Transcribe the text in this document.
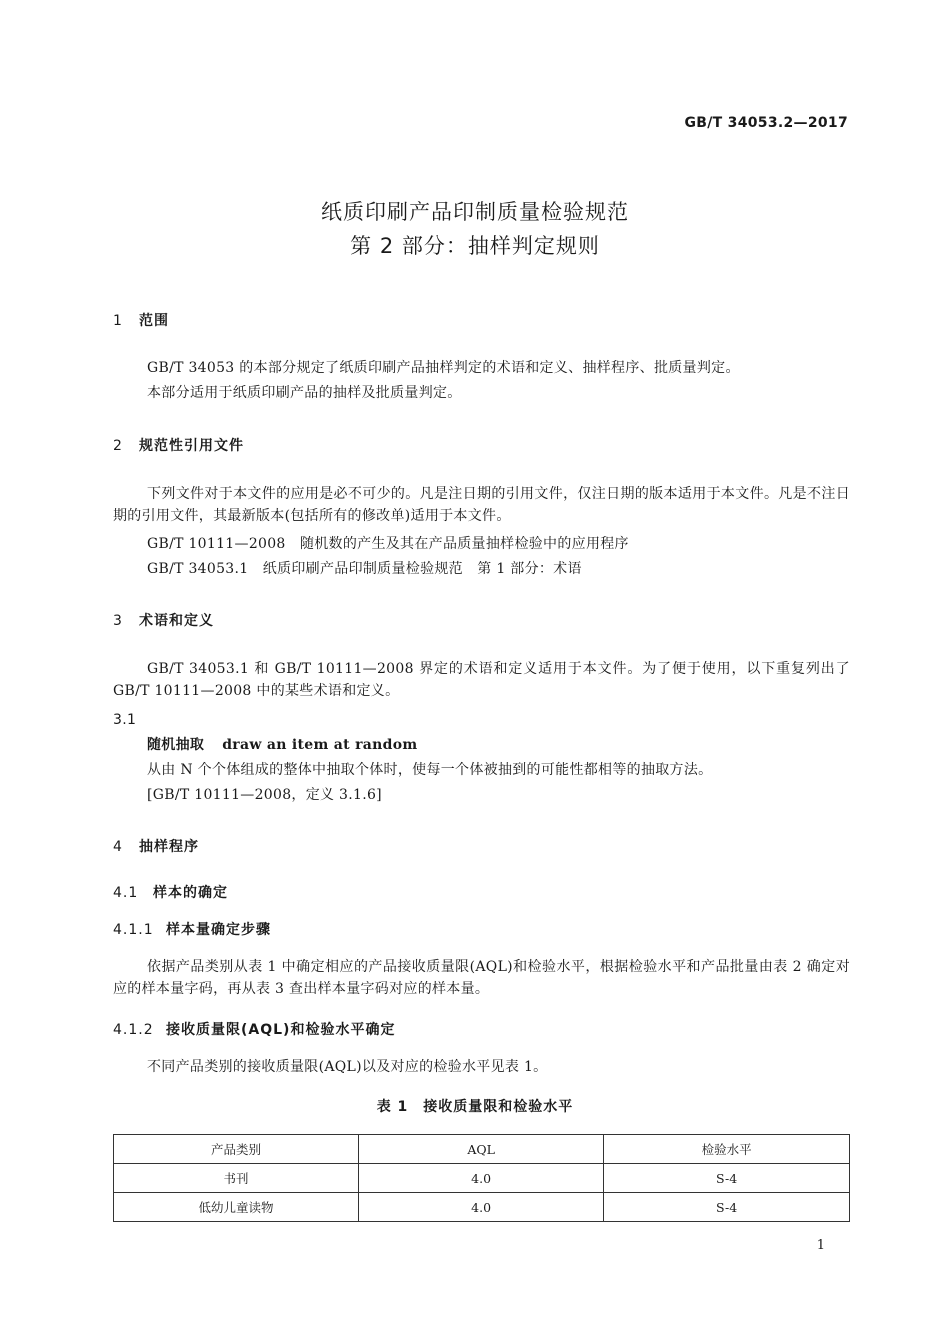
GB/T 34053.2—2017
纸质印刷产品印制质量检验规范
第 2 部分：抽样判定规则
1 范围
GB/T 34053 的本部分规定了纸质印刷产品抽样判定的术语和定义、抽样程序、批质量判定。
本部分适用于纸质印刷产品的抽样及批质量判定。
2 规范性引用文件
下列文件对于本文件的应用是必不可少的。凡是注日期的引用文件，仅注日期的版本适用于本文件。凡是不注日期的引用文件，其最新版本(包括所有的修改单)适用于本文件。
GB/T 10111—2008　随机数的产生及其在产品质量抽样检验中的应用程序
GB/T 34053.1　纸质印刷产品印制质量检验规范　第 1 部分：术语
3 术语和定义
GB/T 34053.1 和 GB/T 10111—2008 界定的术语和定义适用于本文件。为了便于使用，以下重复列出了 GB/T 10111—2008 中的某些术语和定义。
3.1
随机抽取 draw an item at random
从由 N 个个体组成的整体中抽取个体时，使每一个体被抽到的可能性都相等的抽取方法。
[GB/T 10111—2008，定义 3.1.6]
4 抽样程序
4.1 样本的确定
4.1.1 样本量确定步骤
依据产品类别从表 1 中确定相应的产品接收质量限(AQL)和检验水平，根据检验水平和产品批量由表 2 确定对应的样本量字码，再从表 3 查出样本量字码对应的样本量。
4.1.2 接收质量限(AQL)和检验水平确定
不同产品类别的接收质量限(AQL)以及对应的检验水平见表 1。
表 1　接收质量限和检验水平
产品类别	AQL	检验水平
书刊	4.0	S-4
低幼儿童读物	4.0	S-4
1
